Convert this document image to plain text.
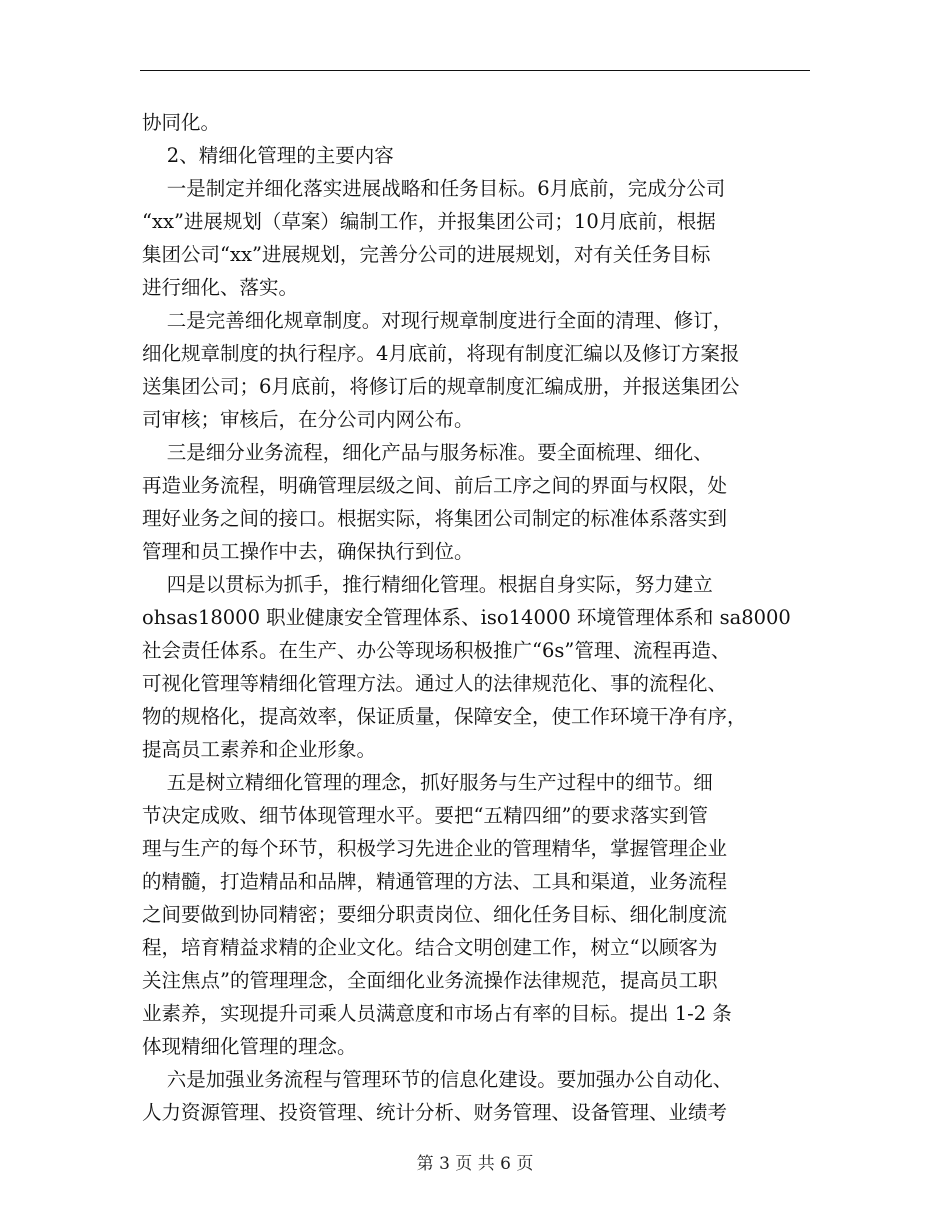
协同化。
2、精细化管理的主要内容
一是制定并细化落实进展战略和任务目标。6月底前，完成分公司
“xx”进展规划（草案）编制工作，并报集团公司；10月底前，根据
集团公司“xx”进展规划，完善分公司的进展规划，对有关任务目标
进行细化、落实。
二是完善细化规章制度。对现行规章制度进行全面的清理、修订，
细化规章制度的执行程序。4月底前，将现有制度汇编以及修订方案报
送集团公司；6月底前，将修订后的规章制度汇编成册，并报送集团公
司审核；审核后，在分公司内网公布。
三是细分业务流程，细化产品与服务标准。要全面梳理、细化、
再造业务流程，明确管理层级之间、前后工序之间的界面与权限，处
理好业务之间的接口。根据实际，将集团公司制定的标准体系落实到
管理和员工操作中去，确保执行到位。
四是以贯标为抓手，推行精细化管理。根据自身实际，努力建立
ohsas18000 职业健康安全管理体系、iso14000 环境管理体系和 sa8000
社会责任体系。在生产、办公等现场积极推广“6s”管理、流程再造、
可视化管理等精细化管理方法。通过人的法律规范化、事的流程化、
物的规格化，提高效率，保证质量，保障安全，使工作环境干净有序，
提高员工素养和企业形象。
五是树立精细化管理的理念，抓好服务与生产过程中的细节。细
节决定成败、细节体现管理水平。要把“五精四细”的要求落实到管
理与生产的每个环节，积极学习先进企业的管理精华，掌握管理企业
的精髓，打造精品和品牌，精通管理的方法、工具和渠道，业务流程
之间要做到协同精密；要细分职责岗位、细化任务目标、细化制度流
程，培育精益求精的企业文化。结合文明创建工作，树立“以顾客为
关注焦点”的管理理念，全面细化业务流操作法律规范，提高员工职
业素养，实现提升司乘人员满意度和市场占有率的目标。提出 1-2 条
体现精细化管理的理念。
六是加强业务流程与管理环节的信息化建设。要加强办公自动化、
人力资源管理、投资管理、统计分析、财务管理、设备管理、业绩考
第 3 页 共 6 页
